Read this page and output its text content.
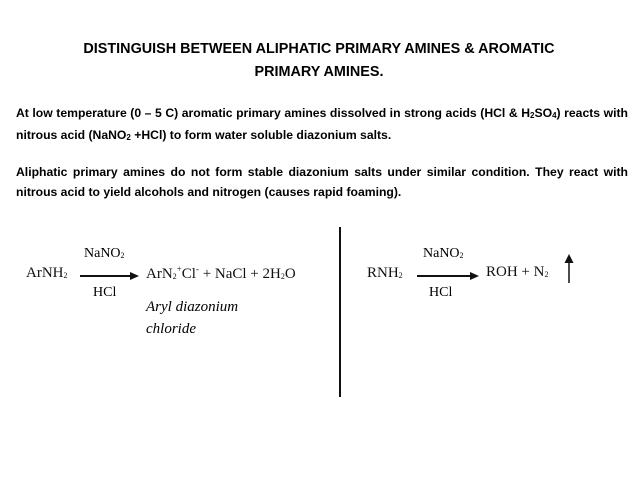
DISTINGUISH BETWEEN ALIPHATIC PRIMARY AMINES & AROMATIC
PRIMARY AMINES.
At low temperature (0 – 5 C) aromatic primary amines dissolved in strong acids (HCl & $H_2SO_4$) reacts with nitrous acid (NaNO$_2$ +HCl) to form water soluble diazonium salts.
Aliphatic primary amines do not form stable diazonium salts under similar condition. They react with nitrous acid to yield alcohols and nitrogen (causes rapid foaming).
ArNH$_2$
NaNO$_2$
HCl
ArN$_2$+Cl- + NaCl + $2H_2O$
Aryl diazonium
chloride
$RNH_2$
NaNO$_2$
HCl
ROH + $N_2$
